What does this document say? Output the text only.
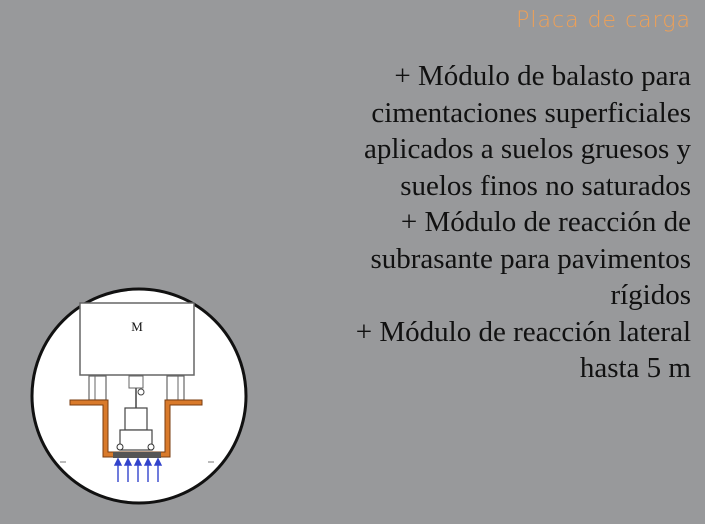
Placa de carga
+ Módulo de balasto para
cimentaciones superficiales
aplicados a suelos gruesos y
suelos finos no saturados
+ Módulo de reacción de
subrasante para pavimentos
rígidos
+ Módulo de reacción lateral
hasta 5 m
M
